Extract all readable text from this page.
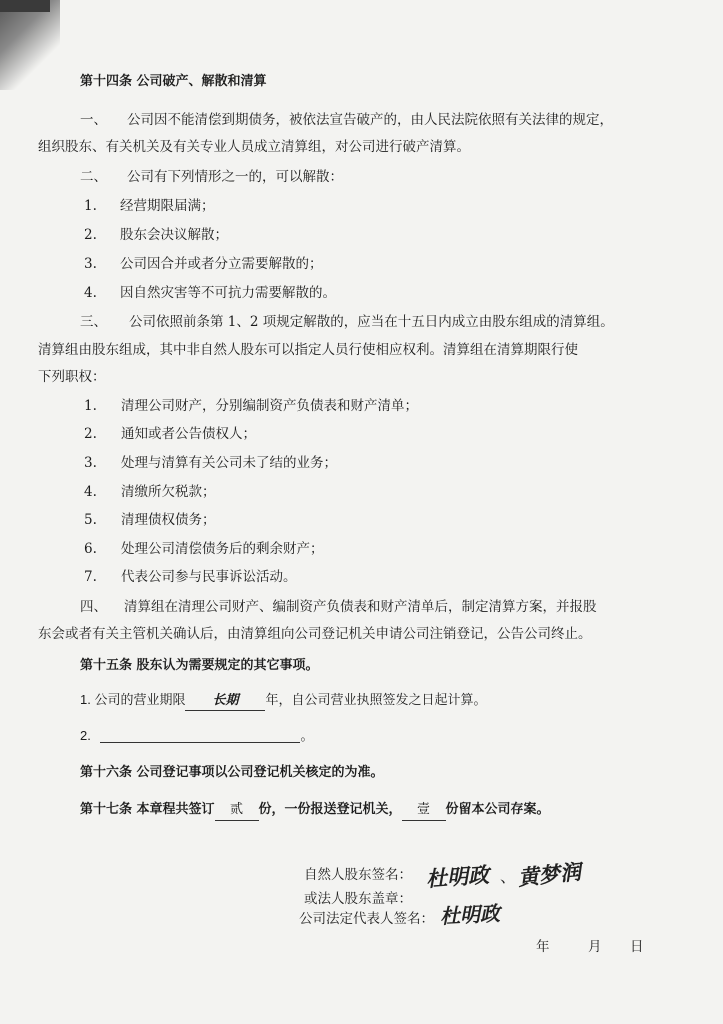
第十四条 公司破产、解散和清算
一、 公司因不能清偿到期债务，被依法宣告破产的，由人民法院依照有关法律的规定，
组织股东、有关机关及有关专业人员成立清算组，对公司进行破产清算。
二、 公司有下列情形之一的，可以解散：
1. 经营期限届满；
2. 股东会决议解散；
3. 公司因合并或者分立需要解散的；
4. 因自然灾害等不可抗力需要解散的。
三、 公司依照前条第 1、2 项规定解散的，应当在十五日内成立由股东组成的清算组。
清算组由股东组成，其中非自然人股东可以指定人员行使相应权利。清算组在清算期限行使
下列职权：
1. 清理公司财产，分别编制资产负债表和财产清单；
2. 通知或者公告债权人；
3. 处理与清算有关公司未了结的业务；
4. 清缴所欠税款；
5. 清理债权债务；
6. 处理公司清偿债务后的剩余财产；
7. 代表公司参与民事诉讼活动。
四、 清算组在清理公司财产、编制资产负债表和财产清单后，制定清算方案，并报股
东会或者有关主管机关确认后，由清算组向公司登记机关申请公司注销登记，公告公司终止。
第十五条 股东认为需要规定的其它事项。
1. 公司的营业期限 长期 年，自公司营业执照签发之日起计算。
2.	。
第十六条 公司登记事项以公司登记机关核定的为准。
第十七条 本章程共签订 贰 份，一份报送登记机关， 壹 份留本公司存案。
自然人股东签名： 杜明政 、 黄梦润
或法人股东盖章：
公司法定代表人签名： 杜明政
年	月 日
